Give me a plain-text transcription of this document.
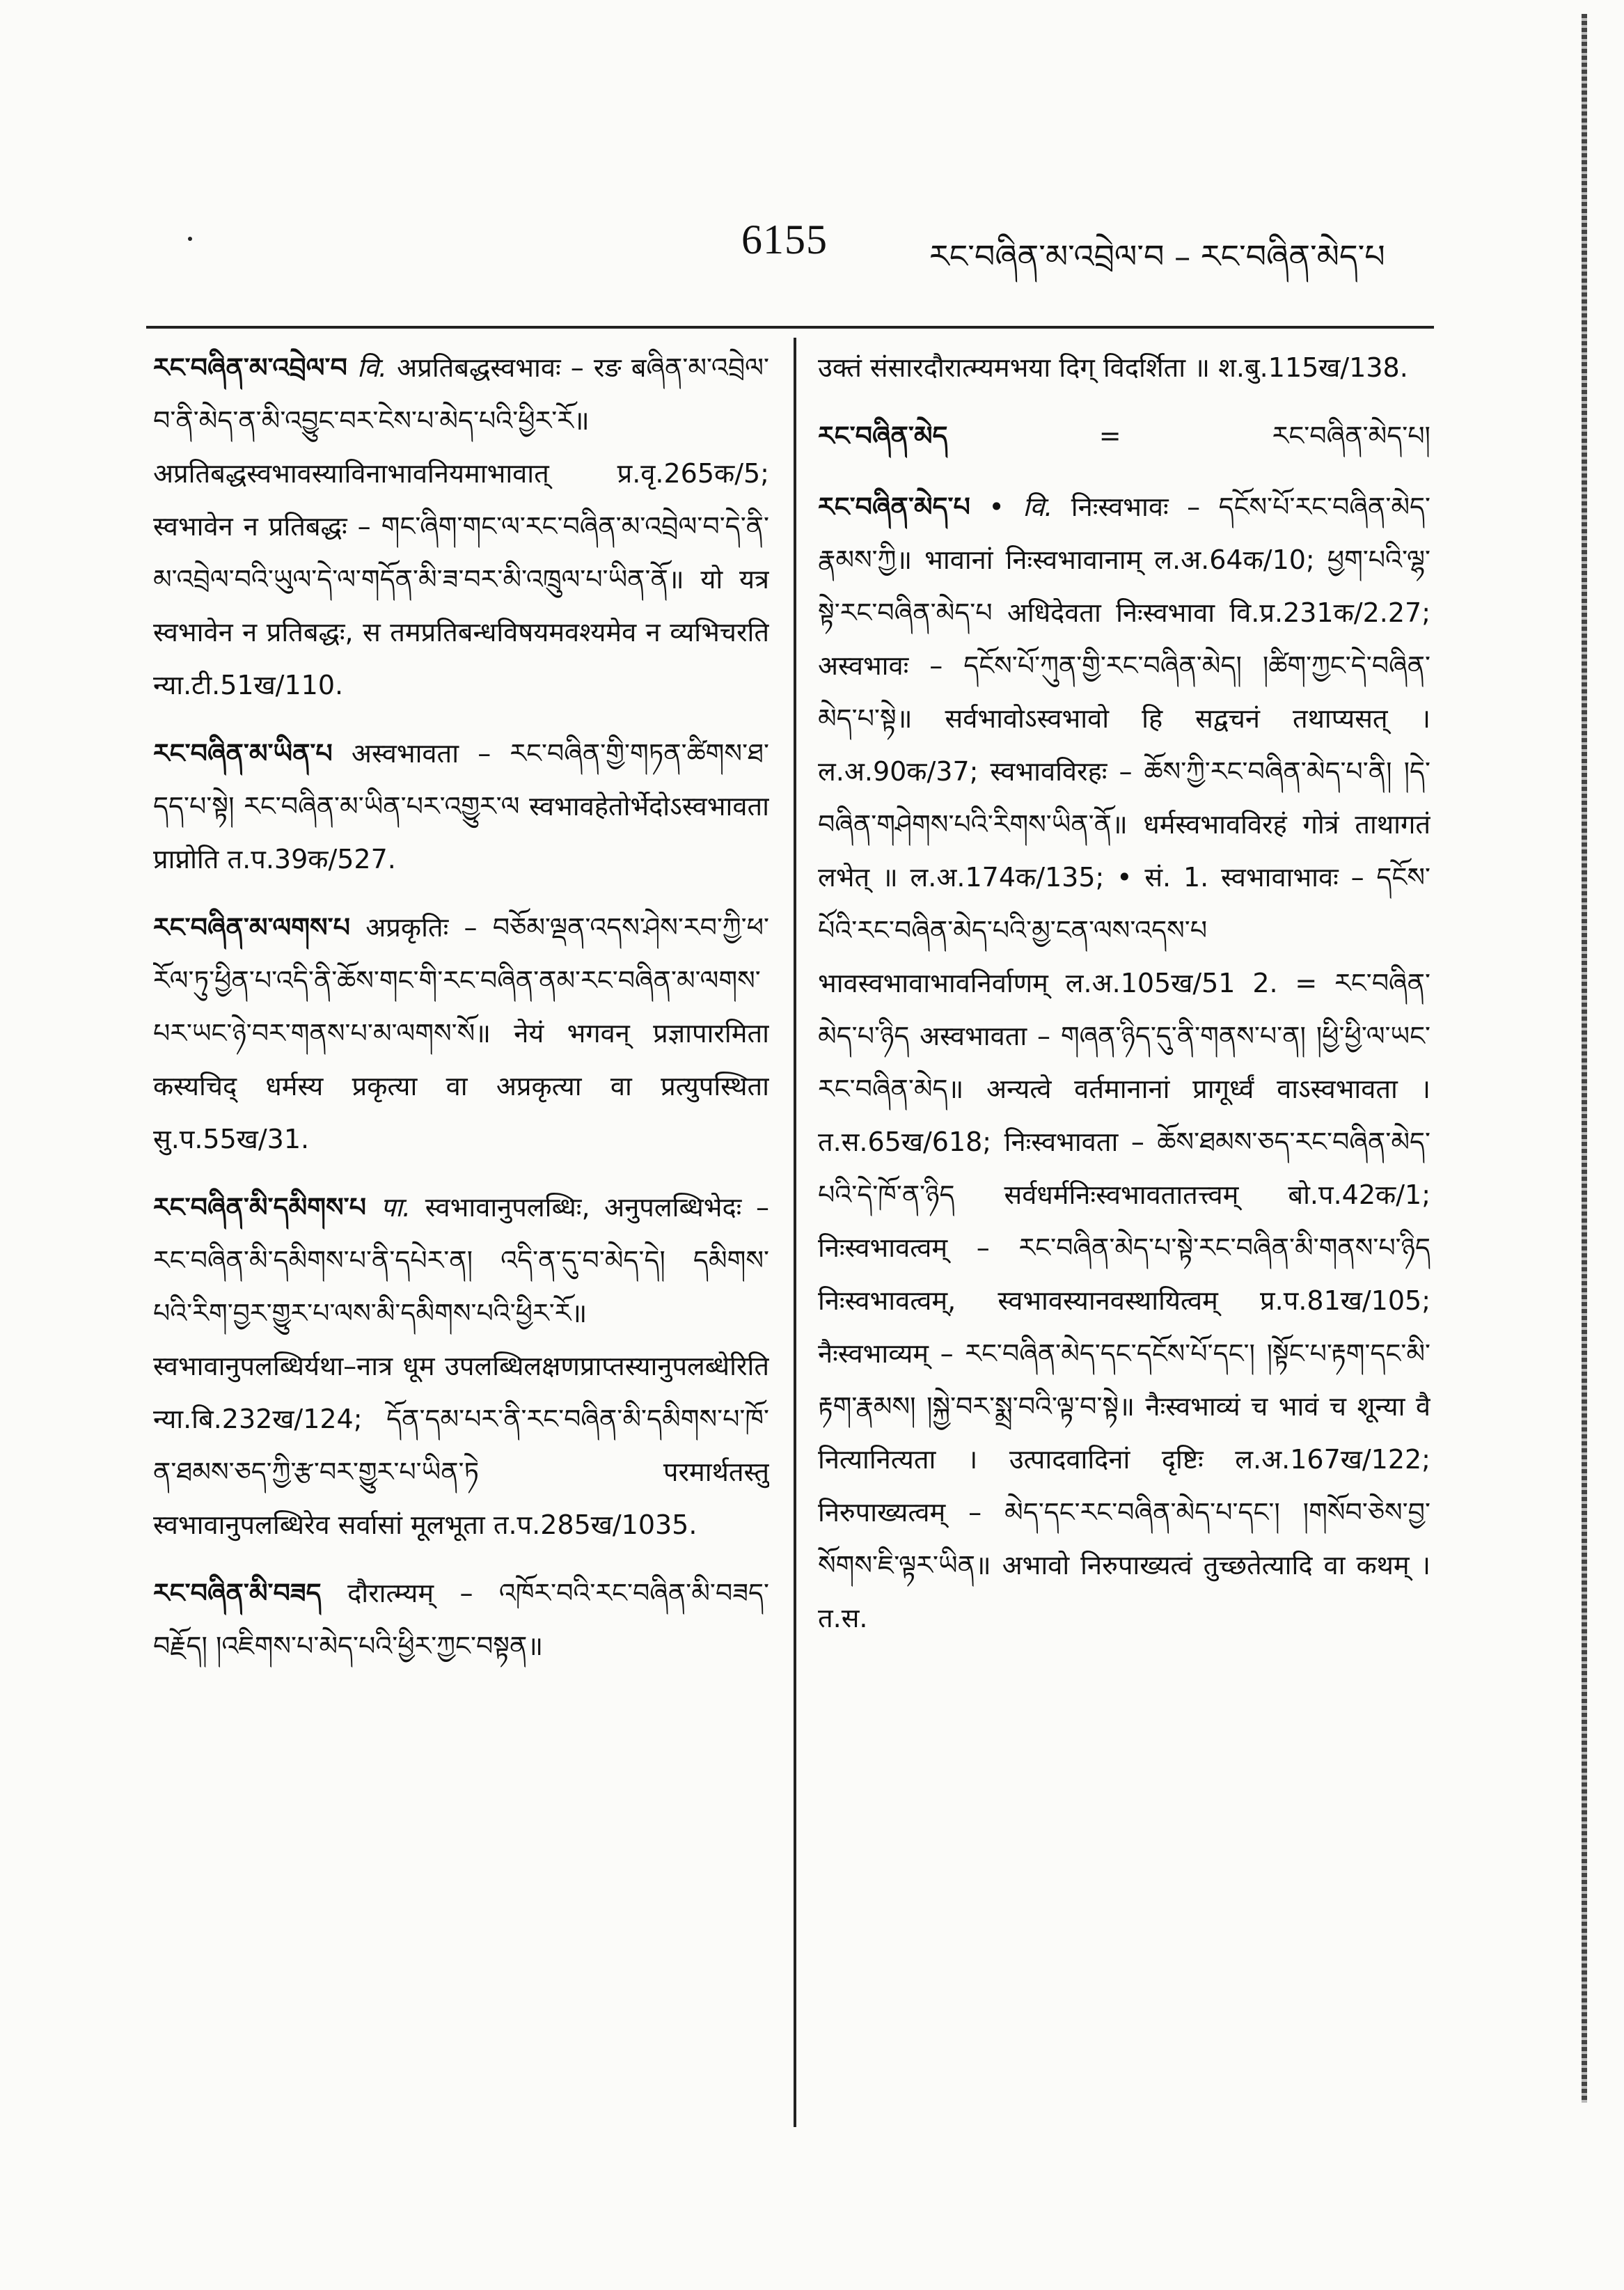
6155	རང་བཞིན་མ་འབྲེལ་བ – རང་བཞིན་མེད་པ

རང་བཞིན་མ་འབྲེལ་བ वि. अप्रतिबद्धस्वभावः – रङ बཞིན་མ་འབྲེལ་བ་ནི་མེད་ན་མི་འབྱུང་བར་ངེས་པ་མེད་པའི་ཕྱིར་རོ॥ अप्रतिबद्धस्वभावस्याविनाभावनियमाभावात् प्र.वृ.265क/5; स्वभावेन न प्रतिबद्धः – གང་ཞིག་གང་ལ་རང་བཞིན་མ་འབྲེལ་བ་དེ་ནི་མ་འབྲེལ་བའི་ཡུལ་དེ་ལ་གདོན་མི་ཟ་བར་མི་འཁྲུལ་པ་ཡིན་ནོ॥ यो यत्र स्वभावेन न प्रतिबद्धः, स तमप्रतिबन्धविषयमवश्यमेव न व्यभिचरति न्या.टी.51ख/110.

རང་བཞིན་མ་ཡིན་པ अस्वभावता – རང་བཞིན་གྱི་གཏན་ཚིགས་ཐ་དད་པ་སྟེ། རང་བཞིན་མ་ཡིན་པར་འགྱུར་ལ स्वभावहेतोर्भेदोऽस्वभावता प्राप्नोति त.प.39क/527.

རང་བཞིན་མ་ལགས་པ अप्रकृतिः – བཅོམ་ལྡན་འདས་ཤེས་རབ་ཀྱི་ཕ་རོལ་ཏུ་ཕྱིན་པ་འདི་ནི་ཆོས་གང་གི་རང་བཞིན་ནམ་རང་བཞིན་མ་ལགས་པར་ཡང་ཉེ་བར་གནས་པ་མ་ལགས་སོ॥ नेयं भगवन् प्रज्ञापारमिता कस्यचिद् धर्मस्य प्रकृत्या वा अप्रकृत्या वा प्रत्युपस्थिता सु.प.55ख/31.

རང་བཞིན་མི་དམིགས་པ पा. स्वभावानुपलब्धिः, अनुपलब्धिभेदः – རང་བཞིན་མི་དམིགས་པ་ནི་དཔེར་ན། འདི་ན་དུ་བ་མེད་དེ། དམིགས་པའི་རིག་བྱར་གྱུར་པ་ལས་མི་དམིགས་པའི་ཕྱིར་རོ॥ स्वभावानुपलब्धिर्यथा–नात्र धूम उपलब्धिलक्षणप्राप्तस्यानुपलब्धेरिति न्या.बि.232ख/124; དོན་དམ་པར་ནི་རང་བཞིན་མི་དམིགས་པ་ཁོ་ན་ཐམས་ཅད་ཀྱི་རྩ་བར་གྱུར་པ་ཡིན་ཏེ परमार्थतस्तु स्वभावानुपलब्धिरेव सर्वासां मूलभूता त.प.285ख/1035.

རང་བཞིན་མི་བཟད दौरात्म्यम् – འཁོར་བའི་རང་བཞིན་མི་བཟད་བརྗོད། །འཇིགས་པ་མེད་པའི་ཕྱིར་ཀྱང་བསྟན॥

उक्तं संसारदौरात्म्यमभया दिग् विदर्शिता ॥ श.बु.115ख/138.

རང་བཞིན་མེད	=	རང་བཞིན་མེད་པ།

རང་བཞིན་མེད་པ • वि. निःस्वभावः – དངོས་པོ་རང་བཞིན་མེད་རྣམས་ཀྱི॥ भावानां निःस्वभावानाम् ल.अ.64क/10; ཕྱག་པའི་ལྷ་སྟེ་རང་བཞིན་མེད་པ अधिदेवता निःस्वभावा वि.प्र.231क/2.27; अस्वभावः – དངོས་པོ་ཀུན་གྱི་རང་བཞིན་མེད། །ཚིག་ཀྱང་དེ་བཞིན་མེད་པ་སྟེ॥ सर्वभावोऽस्वभावो हि सद्वचनं तथाप्यसत् । ल.अ.90क/37; स्वभावविरहः – ཆོས་ཀྱི་རང་བཞིན་མེད་པ་ནི། །དེ་བཞིན་གཤེགས་པའི་རིགས་ཡིན་ནོ॥ धर्मस्वभावविरहं गोत्रं ताथागतं लभेत् ॥ ल.अ.174क/135; • सं. 1. स्वभावाभावः – དངོས་པོའི་རང་བཞིན་མེད་པའི་མྱ་ངན་ལས་འདས་པ भावस्वभावाभावनिर्वाणम् ल.अ.105ख/51 2. = རང་བཞིན་མེད་པ་ཉིད अस्वभावता – གཞན་ཉིད་དུ་ནི་གནས་པ་ན། །ཕྱི་ཕྱི་ལ་ཡང་རང་བཞིན་མེད॥ अन्यत्वे वर्तमानानां प्रागूर्ध्वं वाऽस्वभावता । त.स.65ख/618; निःस्वभावता – ཆོས་ཐམས་ཅད་རང་བཞིན་མེད་པའི་དེ་ཁོ་ན་ཉིད सर्वधर्मनिःस्वभावतातत्त्वम् बो.प.42क/1; निःस्वभावत्वम् – རང་བཞིན་མེད་པ་སྟེ་རང་བཞིན་མི་གནས་པ་ཉིད निःस्वभावत्वम्, स्वभावस्यानवस्थायित्वम् प्र.प.81ख/105; नैःस्वभाव्यम् – རང་བཞིན་མེད་དང་དངོས་པོ་དང་། །སྟོང་པ་རྟག་དང་མི་རྟག་རྣམས། །སྐྱེ་བར་སྨྲ་བའི་ལྟ་བ་སྟེ॥ नैःस्वभाव्यं च भावं च शून्या वै नित्यानित्यता । उत्पादवादिनां दृष्टिः ल.अ.167ख/122; निरुपाख्यत्वम् – མེད་དང་རང་བཞིན་མེད་པ་དང་། །གསོབ་ཅེས་བྱ་སོགས་ཇི་ལྟར་ཡིན॥ अभावो निरुपाख्यत्वं तुच्छतेत्यादि वा कथम् । त.स.
